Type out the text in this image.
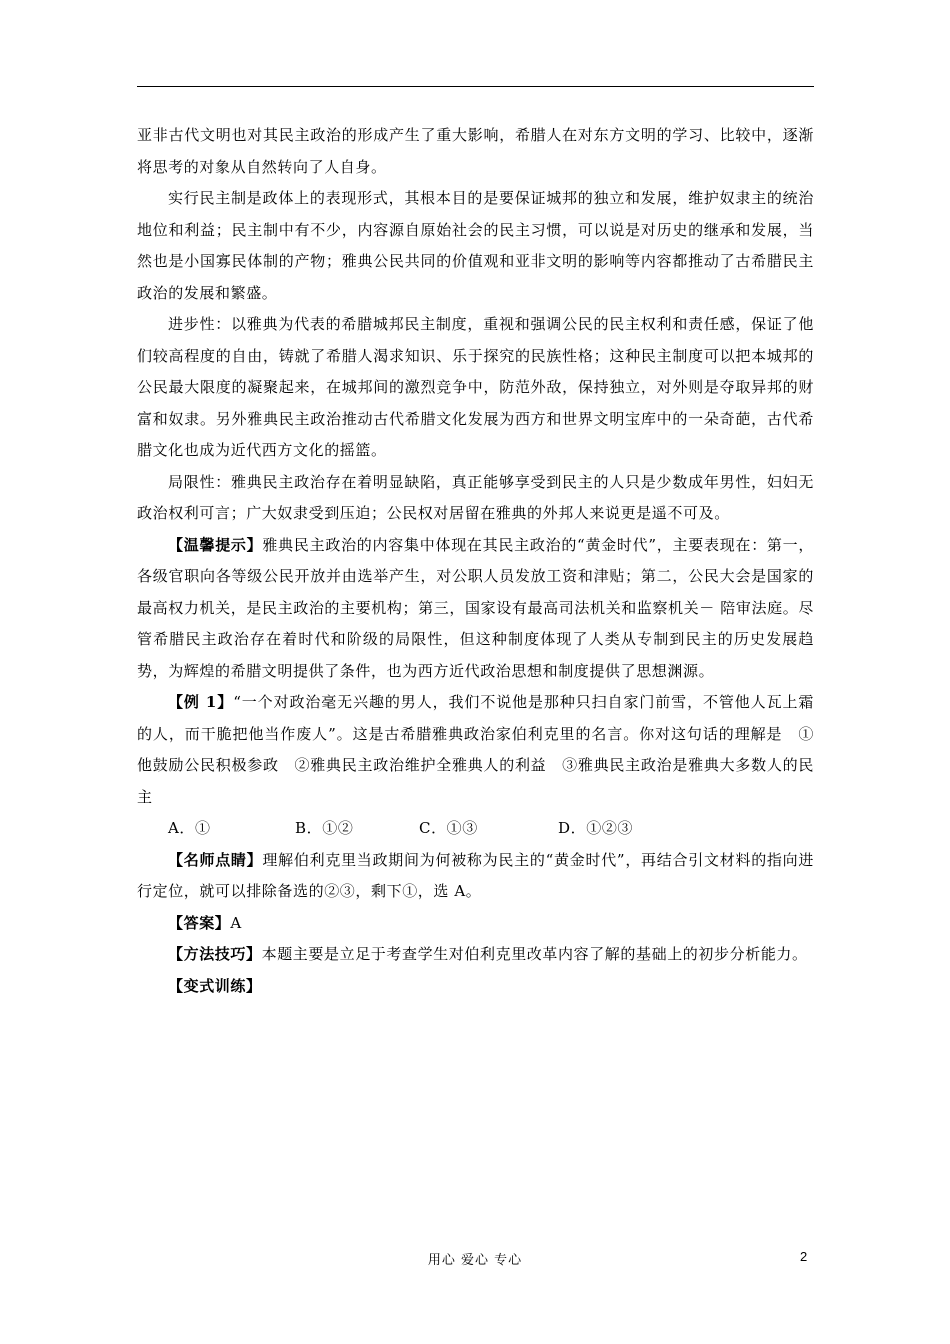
亚非古代文明也对其民主政治的形成产生了重大影响，希腊人在对东方文明的学习、比较中，逐渐将思考的对象从自然转向了人自身。

实行民主制是政体上的表现形式，其根本目的是要保证城邦的独立和发展，维护奴隶主的统治地位和利益；民主制中有不少，内容源自原始社会的民主习惯，可以说是对历史的继承和发展，当然也是小国寡民体制的产物；雅典公民共同的价值观和亚非文明的影响等内容都推动了古希腊民主政治的发展和繁盛。

进步性：以雅典为代表的希腊城邦民主制度，重视和强调公民的民主权利和责任感，保证了他们较高程度的自由，铸就了希腊人渴求知识、乐于探究的民族性格；这种民主制度可以把本城邦的公民最大限度的凝聚起来，在城邦间的激烈竞争中，防范外敌，保持独立，对外则是夺取异邦的财富和奴隶。另外雅典民主政治推动古代希腊文化发展为西方和世界文明宝库中的一朵奇葩，古代希腊文化也成为近代西方文化的摇篮。

局限性：雅典民主政治存在着明显缺陷，真正能够享受到民主的人只是少数成年男性，妇妇无政治权利可言；广大奴隶受到压迫；公民权对居留在雅典的外邦人来说更是遥不可及。

【温馨提示】雅典民主政治的内容集中体现在其民主政治的“黄金时代”，主要表现在：第一，各级官职向各等级公民开放并由选举产生，对公职人员发放工资和津贴；第二，公民大会是国家的最高权力机关，是民主政治的主要机构；第三，国家设有最高司法机关和监察机关－ 陪审法庭。尽管希腊民主政治存在着时代和阶级的局限性，但这种制度体现了人类从专制到民主的历史发展趋势，为辉煌的希腊文明提供了条件，也为西方近代政治思想和制度提供了思想渊源。

【例 1】“一个对政治毫无兴趣的男人，我们不说他是那种只扫自家门前雪，不管他人瓦上霜的人，而干脆把他当作废人”。这是古希腊雅典政治家伯利克里的名言。你对这句话的理解是　①他鼓励公民积极参政　②雅典民主政治维护全雅典人的利益　③雅典民主政治是雅典大多数人的民主

A．①	B．①②	C．①③	D．①②③

【名师点睛】理解伯利克里当政期间为何被称为民主的“黄金时代”，再结合引文材料的指向进行定位，就可以排除备选的②③，剩下①，选 A。

【答案】A

【方法技巧】本题主要是立足于考查学生对伯利克里改革内容了解的基础上的初步分析能力。

【变式训练】

用心 爱心 专心	2
